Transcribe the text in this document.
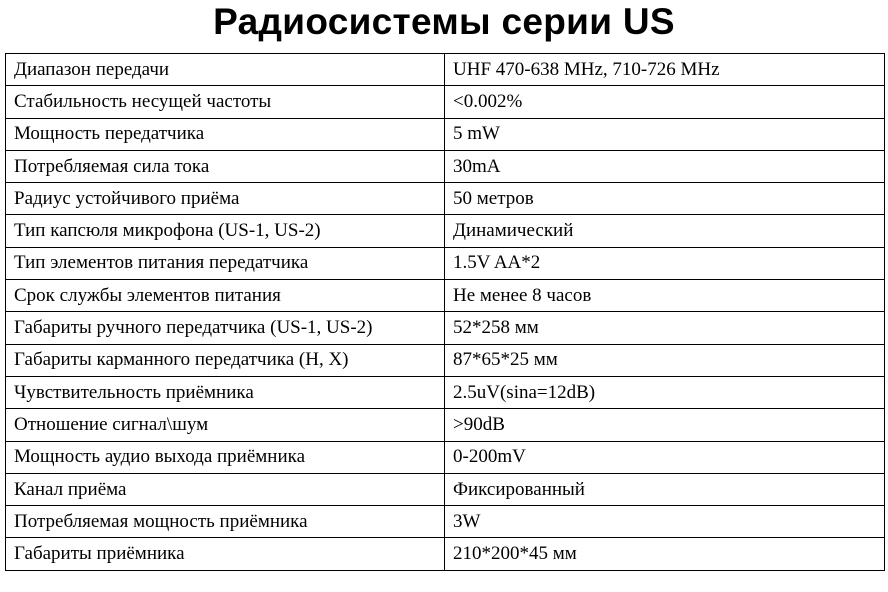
Радиосистемы серии US
Диапазон передачи	UHF 470-638 MHz, 710-726 MHz
Стабильность несущей частоты	<0.002%
Мощность передатчика	5 mW
Потребляемая сила тока	30mA
Радиус устойчивого приёма	50 метров
Тип капсюля микрофона (US-1, US-2)	Динамический
Тип элементов питания передатчика	1.5V AA*2
Срок службы элементов питания	Не менее 8 часов
Габариты ручного передатчика (US-1, US-2)	52*258 мм
Габариты карманного передатчика (H, X)	87*65*25 мм
Чувствительность приёмника	2.5uV(sina=12dB)
Отношение сигнал\шум	>90dB
Мощность аудио выхода приёмника	0-200mV
Канал приёма	Фиксированный
Потребляемая мощность приёмника	3W
Габариты приёмника	210*200*45 мм
